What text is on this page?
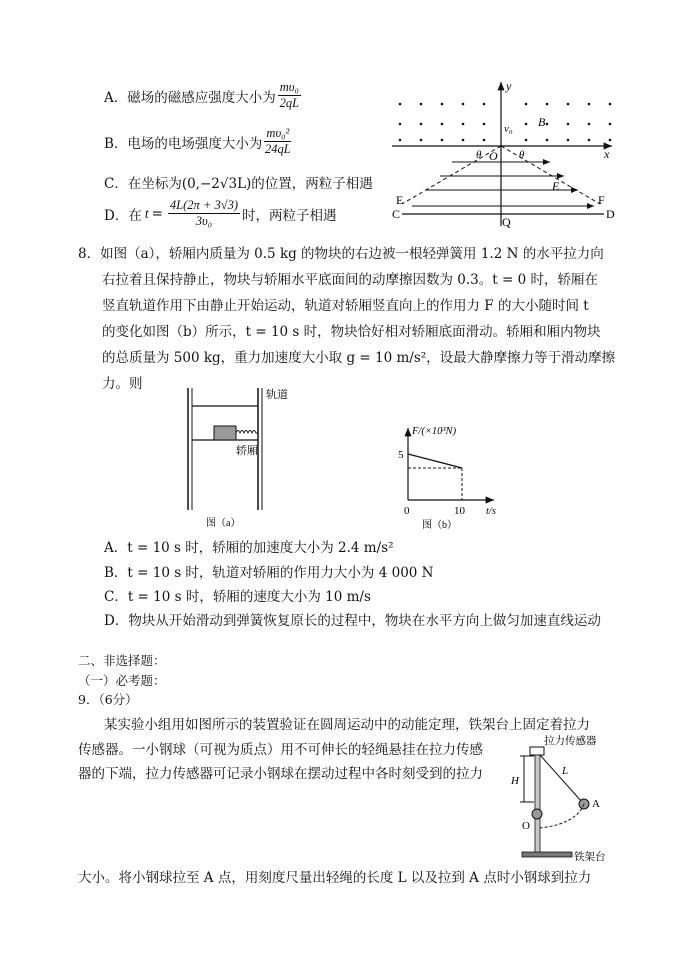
A．磁场的磁感应强度大小为 $\frac{\text{mυ₀}}{2qL}$
B．电场的电场强度大小为 $\frac{\text{mυ₀²}}{24qL}$
C．在坐标为(0,−2√3L)的位置，两粒子相遇
D．在 $t = \frac{4L(2\pi + 3√3)}{\text{3υ₀}}$ 时，两粒子相遇
y
x
v₀ B
O
θ	θ
E
E	F
C	D
Q
8．如图（a），轿厢内质量为 0.5 kg 的物块的右边被一根轻弹簧用 1.2 N 的水平拉力向
右拉着且保持静止，物块与轿厢水平底面间的动摩擦因数为 0.3。t = 0 时，轿厢在
竖直轨道作用下由静止开始运动，轨道对轿厢竖直向上的作用力 F 的大小随时间 t
的变化如图（b）所示，t = 10 s 时，物块恰好相对轿厢底面滑动。轿厢和厢内物块
的总质量为 500 kg，重力加速度大小取 g = 10 m/s²，设最大静摩擦力等于滑动摩擦
力。则
轨道
轿厢
图（a）
F/(×10³N)
5
0	10 t/s
图（b）
A．t = 10 s 时，轿厢的加速度大小为 2.4 m/s²
B．t = 10 s 时，轨道对轿厢的作用力大小为 4 000 N
C．t = 10 s 时，轿厢的速度大小为 10 m/s
D．物块从开始滑动到弹簧恢复原长的过程中，物块在水平方向上做匀加速直线运动
二、非选择题：
（一）必考题：
9．（6分）
某实验小组用如图所示的装置验证在圆周运动中的动能定理，铁架台上固定着拉力
传感器。一小钢球（可视为质点）用不可伸长的轻绳悬挂在拉力传感
器的下端，拉力传感器可记录小钢球在摆动过程中各时刻受到的拉力
大小。将小钢球拉至 A 点，用刻度尺量出轻绳的长度 L 以及拉到 A 点时小钢球到拉力
拉力传感器
铁架台
L
A
O
H
